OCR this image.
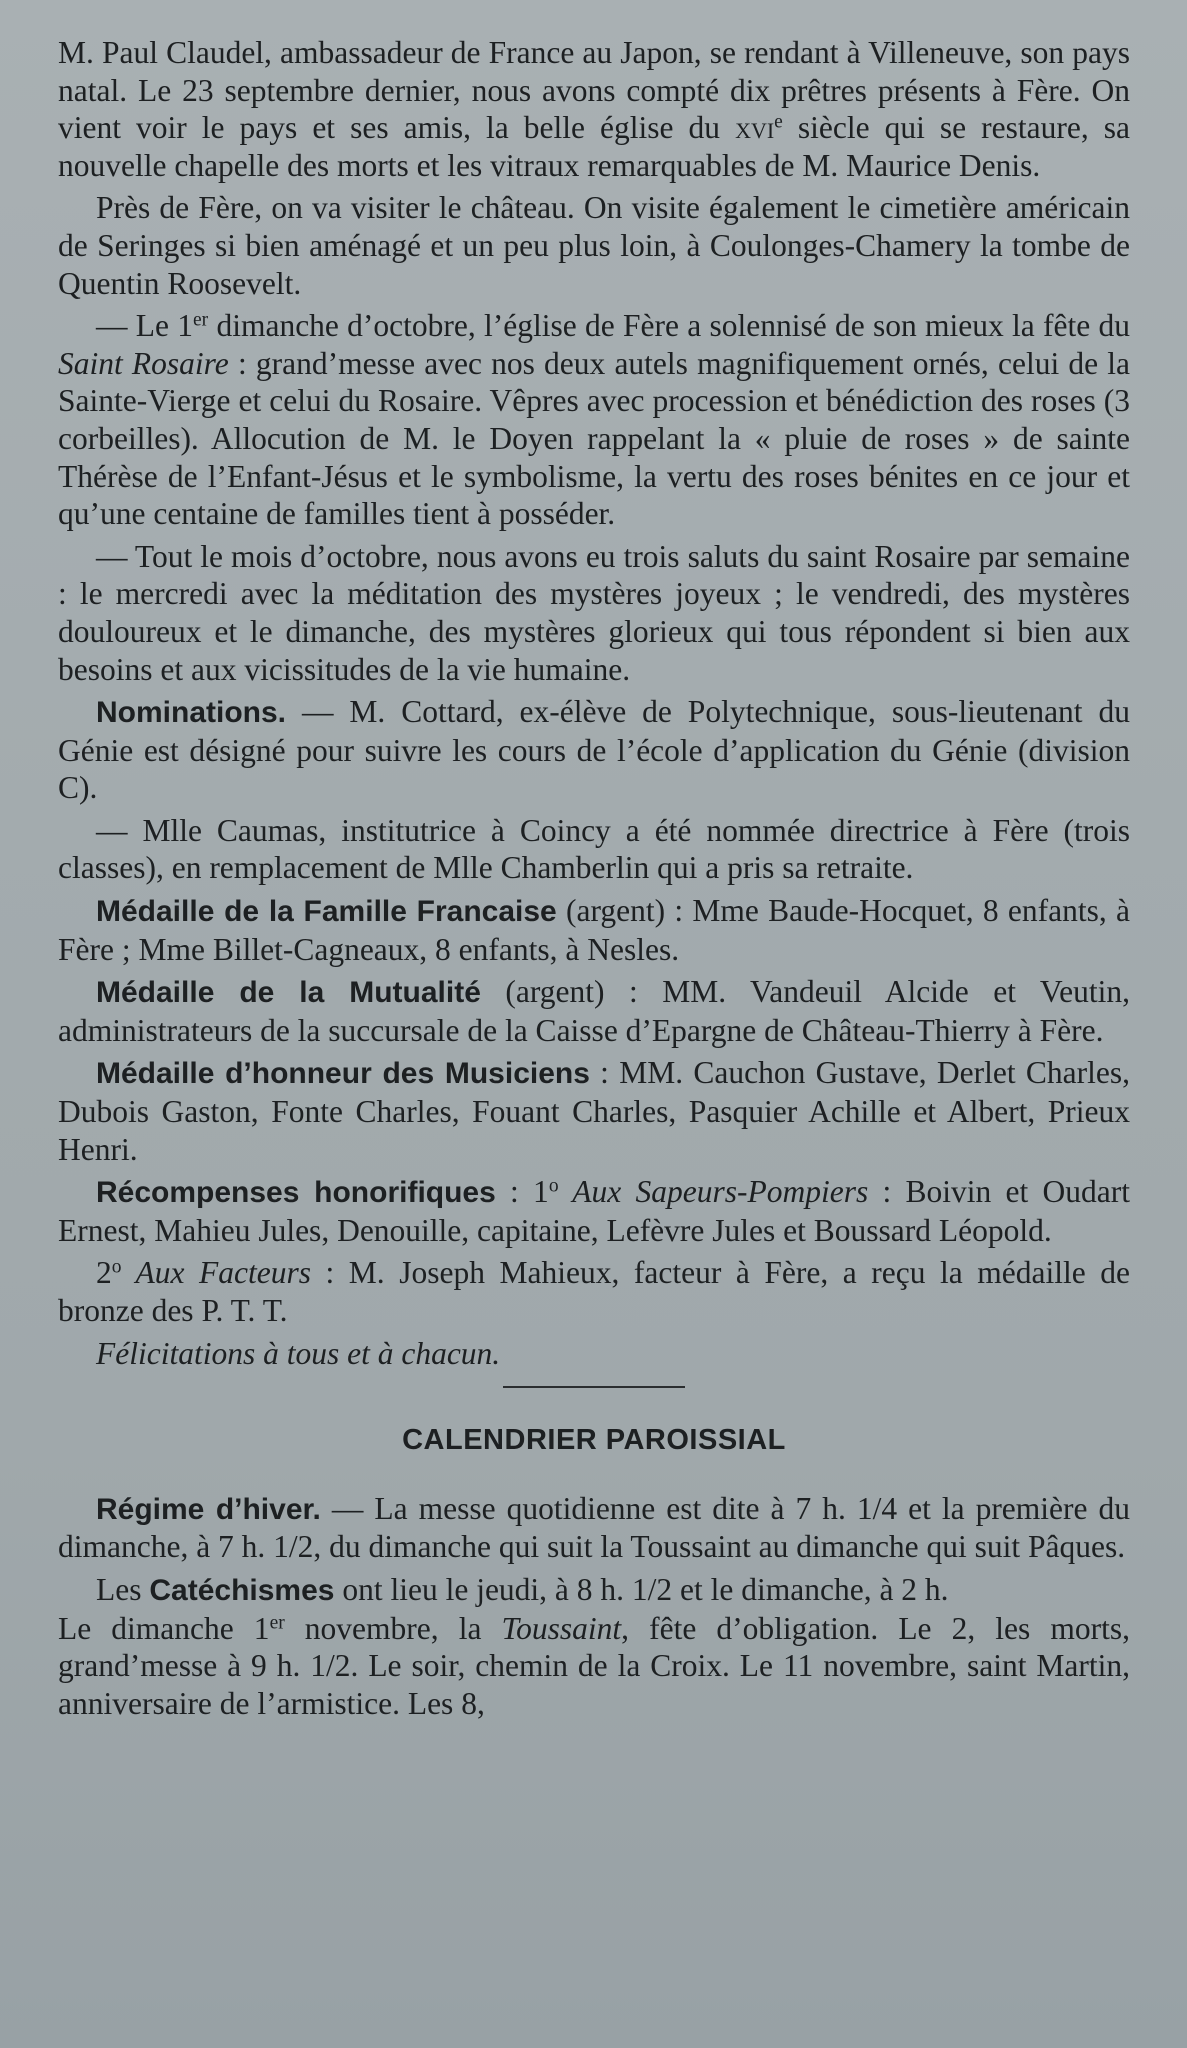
M. Paul Claudel, ambassadeur de France au Japon, se rendant à Villeneuve, son pays natal. Le 23 septembre dernier, nous avons compté dix prêtres présents à Fère. On vient voir le pays et ses amis, la belle église du xvi$^e$ siècle qui se restaure, sa nouvelle chapelle des morts et les vitraux remarquables de M. Maurice Denis.

Près de Fère, on va visiter le château. On visite également le cimetière américain de Seringes si bien aménagé et un peu plus loin, à Coulonges-Chamery la tombe de Quentin Roosevelt.

— Le 1er dimanche d’octobre, l’église de Fère a solennisé de son mieux la fête du Saint Rosaire : grand’messe avec nos deux autels magnifiquement ornés, celui de la Sainte-Vierge et celui du Rosaire. Vêpres avec procession et bénédiction des roses (3 corbeilles). Allocution de M. le Doyen rappelant la « pluie de roses » de sainte Thérèse de l’Enfant-Jésus et le symbolisme, la vertu des roses bénites en ce jour et qu’une centaine de familles tient à posséder.

— Tout le mois d’octobre, nous avons eu trois saluts du saint Rosaire par semaine : le mercredi avec la méditation des mystères joyeux ; le vendredi, des mystères douloureux et le dimanche, des mystères glorieux qui tous répondent si bien aux besoins et aux vicissitudes de la vie humaine.

Nominations. — M. Cottard, ex-élève de Polytechnique, sous-lieutenant du Génie est désigné pour suivre les cours de l’école d’application du Génie (division C).

— Mlle Caumas, institutrice à Coincy a été nommée directrice à Fère (trois classes), en remplacement de Mlle Chamberlin qui a pris sa retraite.

Médaille de la Famille Francaise (argent) : Mme Baude-Hocquet, 8 enfants, à Fère ; Mme Billet-Cagneaux, 8 enfants, à Nesles.

Médaille de la Mutualité (argent) : MM. Vandeuil Alcide et Veutin, administrateurs de la succursale de la Caisse d’Epargne de Château-Thierry à Fère.

Médaille d’honneur des Musiciens : MM. Cauchon Gustave, Derlet Charles, Dubois Gaston, Fonte Charles, Fouant Charles, Pasquier Achille et Albert, Prieux Henri.

Récompenses honorifiques : 1$^o$ Aux Sapeurs-Pompiers : Boivin et Oudart Ernest, Mahieu Jules, Denouille, capitaine, Lefèvre Jules et Boussard Léopold.

2$^o$ Aux Facteurs : M. Joseph Mahieux, facteur à Fère, a reçu la médaille de bronze des P. T. T.

Félicitations à tous et à chacun.

CALENDRIER PAROISSIAL

Régime d’hiver. — La messe quotidienne est dite à 7 h. 1/4 et la première du dimanche, à 7 h. 1/2, du dimanche qui suit la Toussaint au dimanche qui suit Pâques.

Les Catéchismes ont lieu le jeudi, à 8 h. 1/2 et le dimanche, à 2 h.
Le dimanche 1er novembre, la Toussaint, fête d’obligation. Le 2, les morts, grand’messe à 9 h. 1/2. Le soir, chemin de la Croix. Le 11 novembre, saint Martin, anniversaire de l’armistice. Les 8,
